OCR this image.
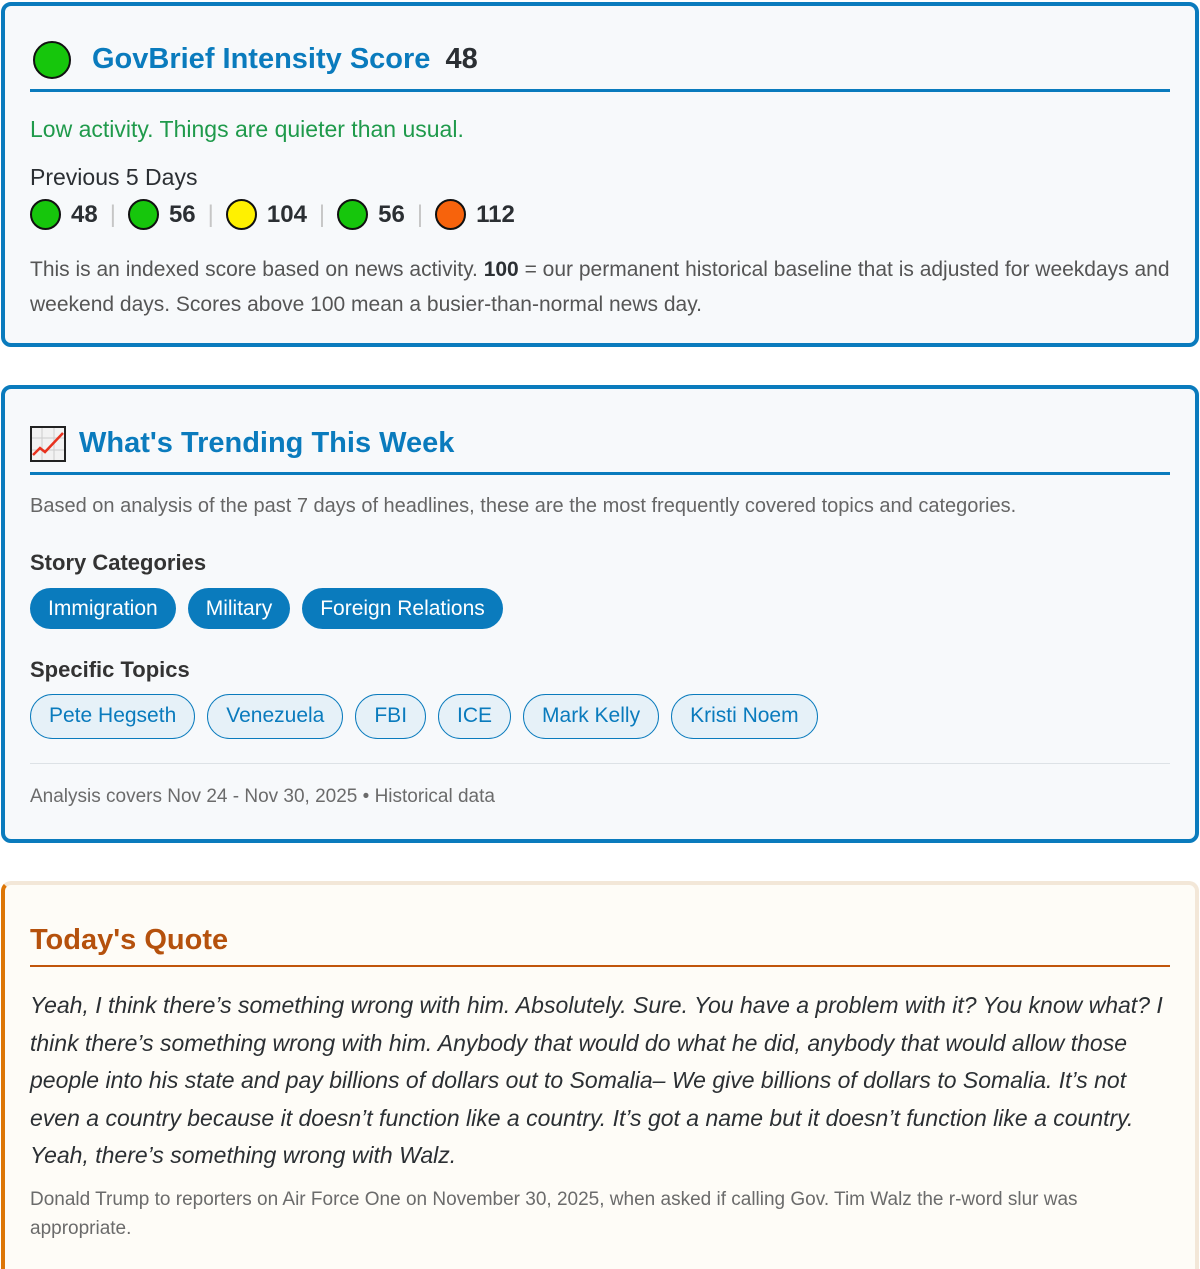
GovBrief Intensity Score 48
Low activity. Things are quieter than usual.
Previous 5 Days
48 | 56 | 104 | 56 | 112
This is an indexed score based on news activity. 100 = our permanent historical baseline that is adjusted for weekdays and weekend days. Scores above 100 mean a busier-than-normal news day.
What's Trending This Week
Based on analysis of the past 7 days of headlines, these are the most frequently covered topics and categories.
Story Categories
Immigration	Military	Foreign Relations
Specific Topics
Pete Hegseth	Venezuela	FBI	ICE	Mark Kelly	Kristi Noem
Analysis covers Nov 24 - Nov 30, 2025 • Historical data
Today's Quote
Yeah, I think there’s something wrong with him. Absolutely. Sure. You have a problem with it? You know what? I think there’s something wrong with him. Anybody that would do what he did, anybody that would allow those people into his state and pay billions of dollars out to Somalia– We give billions of dollars to Somalia. It’s not even a country because it doesn’t function like a country. It’s got a name but it doesn’t function like a country. Yeah, there’s something wrong with Walz.
Donald Trump to reporters on Air Force One on November 30, 2025, when asked if calling Gov. Tim Walz the r-word slur was appropriate.
